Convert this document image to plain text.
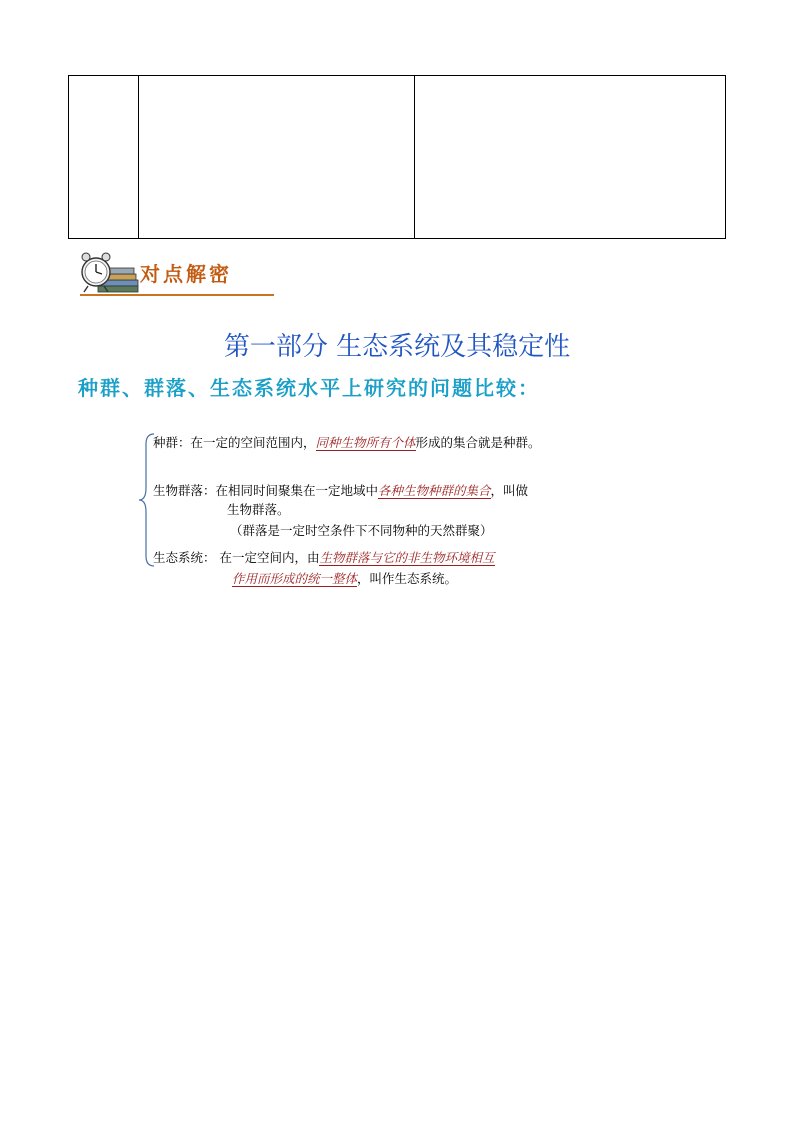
对点解密
第一部分 生态系统及其稳定性
种群、群落、生态系统水平上研究的问题比较：
种群：在一定的空间范围内，同种生物所有个体形成的集合就是种群。
生物群落：在相同时间聚集在一定地域中各种生物种群的集合，叫做
生物群落。
（群落是一定时空条件下不同物种的天然群聚）
生态系统： 在一定空间内，由生物群落与它的非生物环境相互
作用而形成的统一整体，叫作生态系统。
